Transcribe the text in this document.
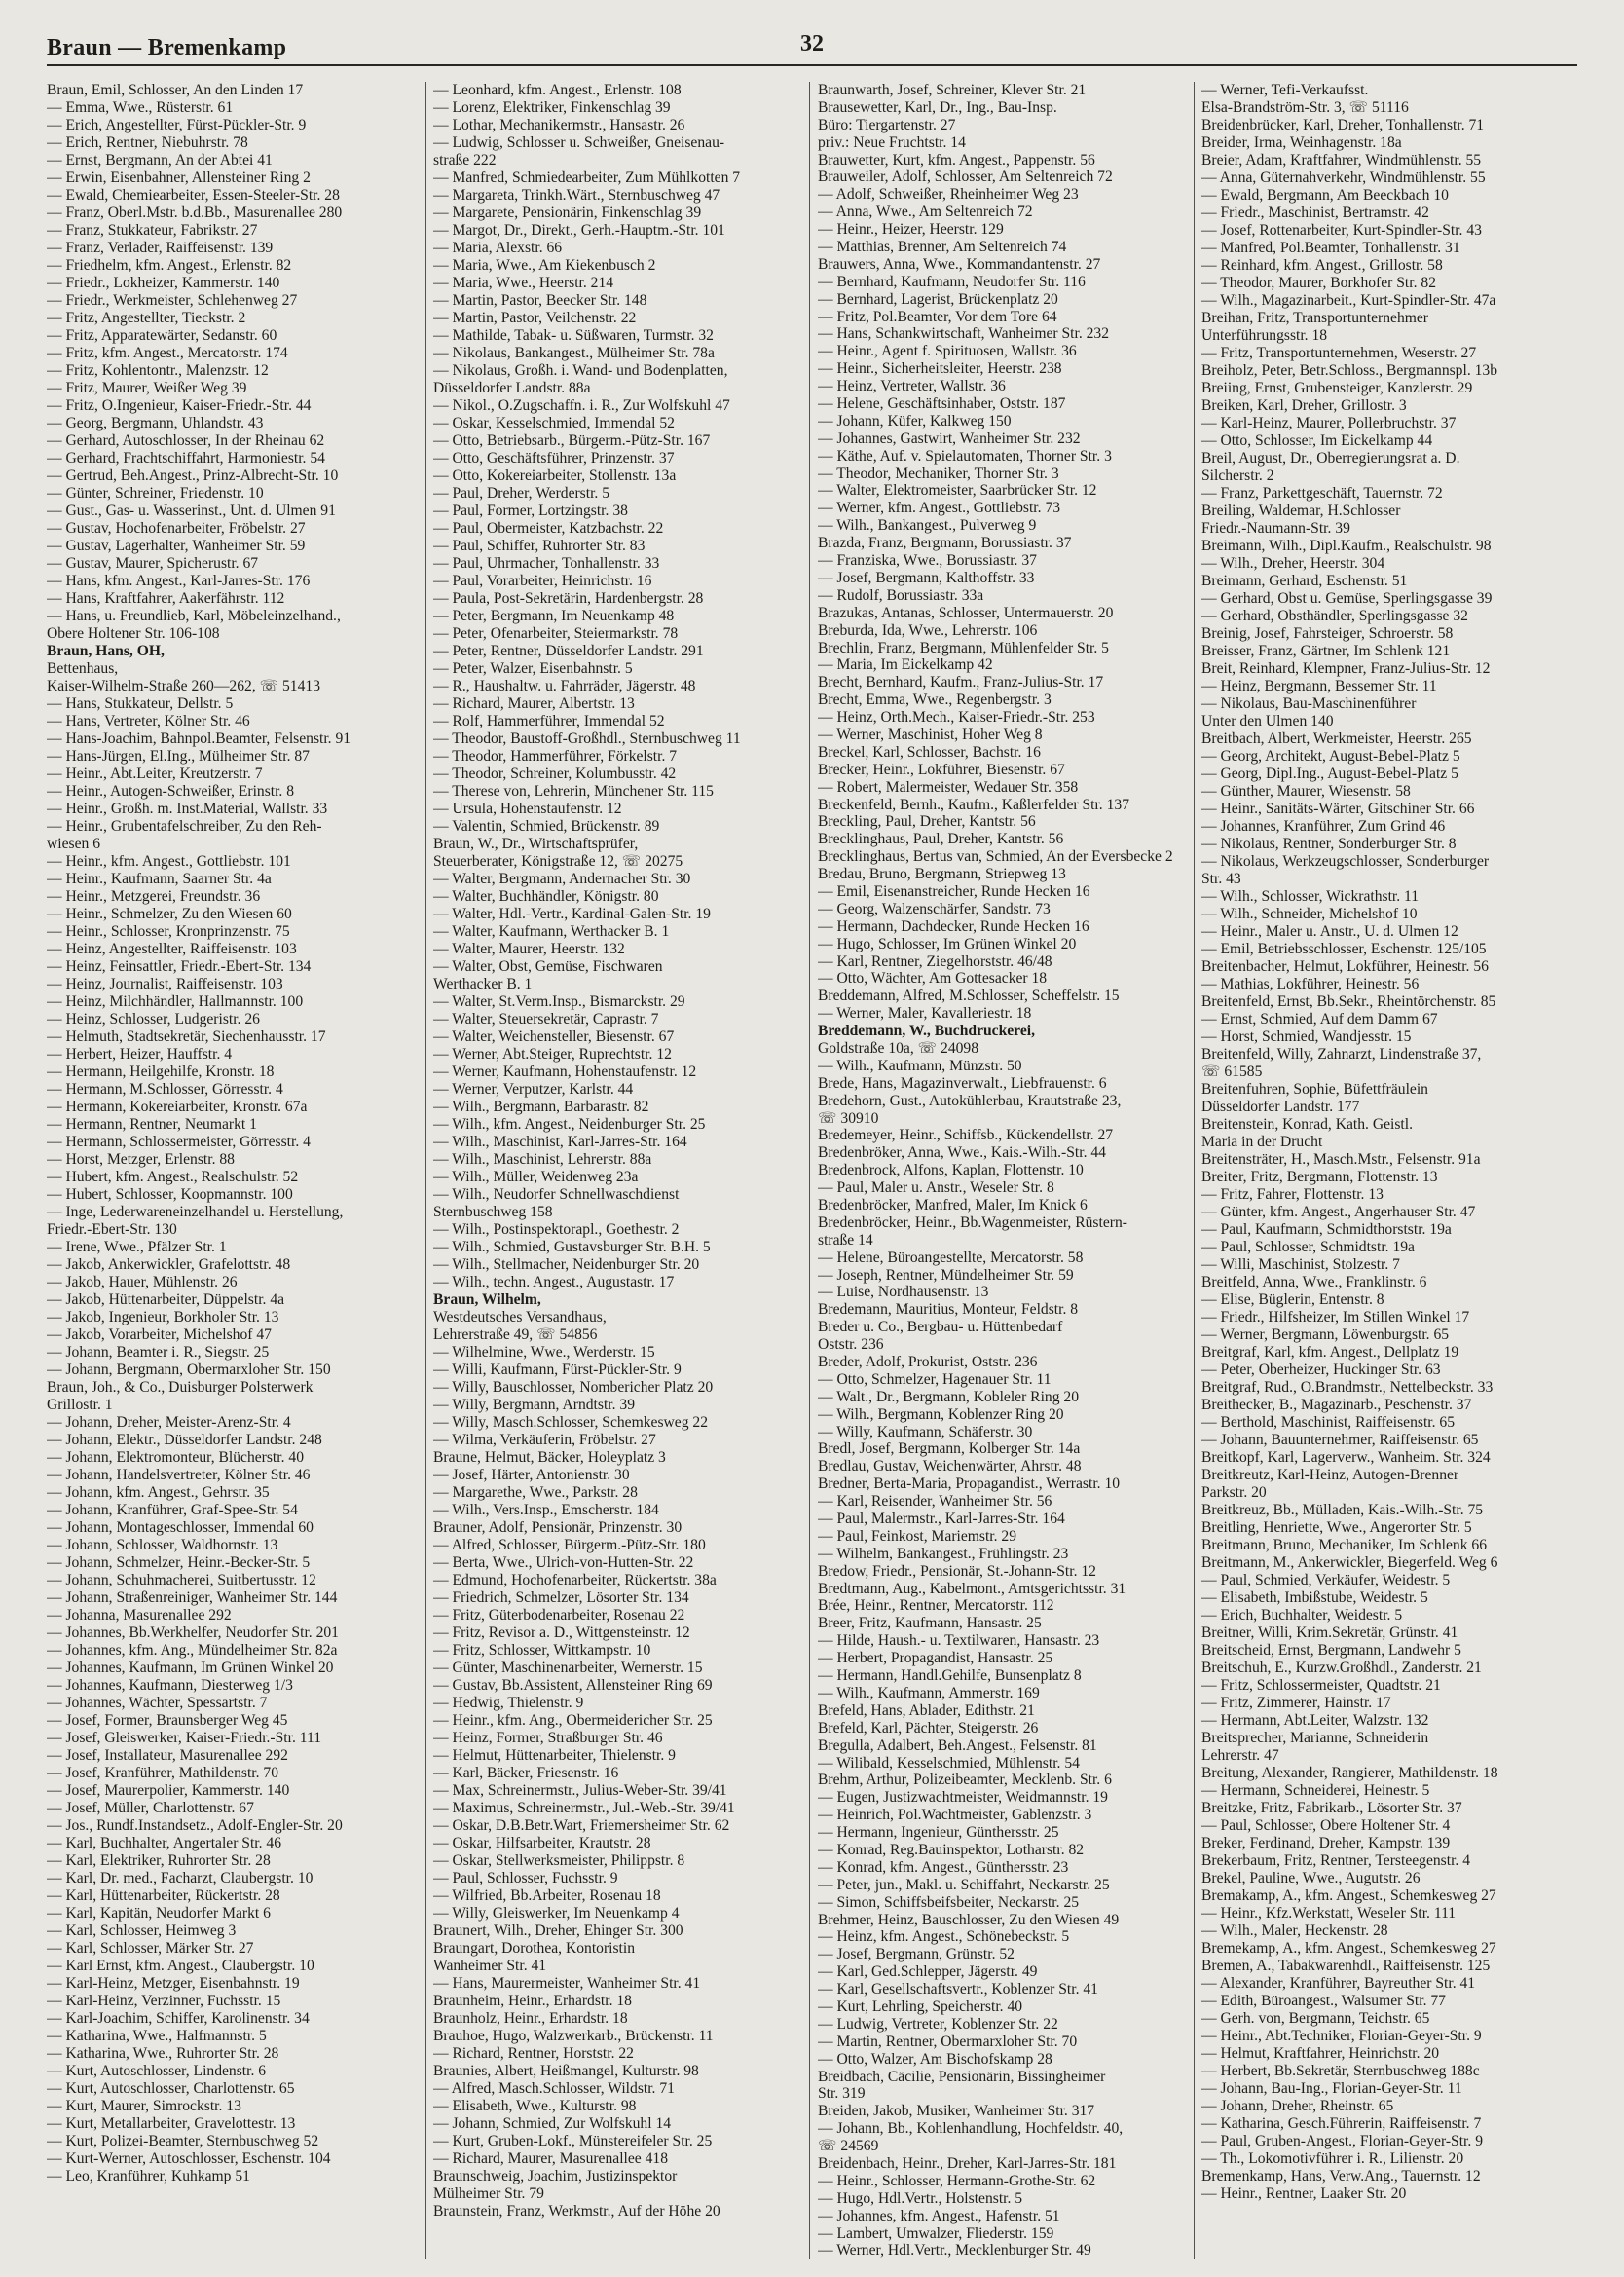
Braun — Bremenkamp	32
Braun, Emil, Schlosser, An den Linden 17
— Emma, Wwe., Rüsterstr. 61
— Erich, Angestellter, Fürst-Pückler-Str. 9
— Erich, Rentner, Niebuhrstr. 78
— Ernst, Bergmann, An der Abtei 41
— Erwin, Eisenbahner, Allensteiner Ring 2
— Ewald, Chemiearbeiter, Essen-Steeler-Str. 28
— Franz, Oberl.Mstr. b.d.Bb., Masurenallee 280
— Franz, Stukkateur, Fabrikstr. 27
— Franz, Verlader, Raiffeisenstr. 139
— Friedhelm, kfm. Angest., Erlenstr. 82
— Friedr., Lokheizer, Kammerstr. 140
— Friedr., Werkmeister, Schlehenweg 27
— Fritz, Angestellter, Tieckstr. 2
— Fritz, Apparatewärter, Sedanstr. 60
— Fritz, kfm. Angest., Mercatorstr. 174
— Fritz, Kohlentontr., Malenzstr. 12
— Fritz, Maurer, Weißer Weg 39
— Fritz, O.Ingenieur, Kaiser-Friedr.-Str. 44
— Georg, Bergmann, Uhlandstr. 43
— Gerhard, Autoschlosser, In der Rheinau 62
— Gerhard, Frachtschiffahrt, Harmoniestr. 54
— Gertrud, Beh.Angest., Prinz-Albrecht-Str. 10
— Günter, Schreiner, Friedenstr. 10
— Gust., Gas- u. Wasserinst., Unt. d. Ulmen 91
— Gustav, Hochofenarbeiter, Fröbelstr. 27
— Gustav, Lagerhalter, Wanheimer Str. 59
— Gustav, Maurer, Spicherustr. 67
— Hans, kfm. Angest., Karl-Jarres-Str. 176
— Hans, Kraftfahrer, Aakerfährstr. 112
— Hans, u. Freundlieb, Karl, Möbeleinzelhand.,
Obere Holtener Str. 106-108
Braun, Hans, OH,
Bettenhaus,
Kaiser-Wilhelm-Straße 260—262, ☏ 51413
— Hans, Stukkateur, Dellstr. 5
— Hans, Vertreter, Kölner Str. 46
— Hans-Joachim, Bahnpol.Beamter, Felsenstr. 91
— Hans-Jürgen, El.Ing., Mülheimer Str. 87
— Heinr., Abt.Leiter, Kreutzerstr. 7
— Heinr., Autogen-Schweißer, Erinstr. 8
— Heinr., Großh. m. Inst.Material, Wallstr. 33
— Heinr., Grubentafelschreiber, Zu den Reh-
wiesen 6
— Heinr., kfm. Angest., Gottliebstr. 101
— Heinr., Kaufmann, Saarner Str. 4a
— Heinr., Metzgerei, Freundstr. 36
— Heinr., Schmelzer, Zu den Wiesen 60
— Heinr., Schlosser, Kronprinzenstr. 75
— Heinz, Angestellter, Raiffeisenstr. 103
— Heinz, Feinsattler, Friedr.-Ebert-Str. 134
— Heinz, Journalist, Raiffeisenstr. 103
— Heinz, Milchhändler, Hallmannstr. 100
— Heinz, Schlosser, Ludgeristr. 26
— Helmuth, Stadtsekretär, Siechenhausstr. 17
— Herbert, Heizer, Hauffstr. 4
— Hermann, Heilgehilfe, Kronstr. 18
— Hermann, M.Schlosser, Görresstr. 4
— Hermann, Kokereiarbeiter, Kronstr. 67a
— Hermann, Rentner, Neumarkt 1
— Hermann, Schlossermeister, Görresstr. 4
— Horst, Metzger, Erlenstr. 88
— Hubert, kfm. Angest., Realschulstr. 52
— Hubert, Schlosser, Koopmannstr. 100
— Inge, Lederwareneinzelhandel u. Herstellung,
Friedr.-Ebert-Str. 130
— Irene, Wwe., Pfälzer Str. 1
— Jakob, Ankerwickler, Grafelottstr. 48
— Jakob, Hauer, Mühlenstr. 26
— Jakob, Hüttenarbeiter, Düppelstr. 4a
— Jakob, Ingenieur, Borkholer Str. 13
— Jakob, Vorarbeiter, Michelshof 47
— Johann, Beamter i. R., Siegstr. 25
— Johann, Bergmann, Obermarxloher Str. 150
Braun, Joh., & Co., Duisburger Polsterwerk
Grillostr. 1
— Johann, Dreher, Meister-Arenz-Str. 4
— Johann, Elektr., Düsseldorfer Landstr. 248
— Johann, Elektromonteur, Blücherstr. 40
— Johann, Handelsvertreter, Kölner Str. 46
— Johann, kfm. Angest., Gehrstr. 35
— Johann, Kranführer, Graf-Spee-Str. 54
— Johann, Montageschlosser, Immendal 60
— Johann, Schlosser, Waldhornstr. 13
— Johann, Schmelzer, Heinr.-Becker-Str. 5
— Johann, Schuhmacherei, Suitbertusstr. 12
— Johann, Straßenreiniger, Wanheimer Str. 144
— Johanna, Masurenallee 292
— Johannes, Bb.Werkhelfer, Neudorfer Str. 201
— Johannes, kfm. Ang., Mündelheimer Str. 82a
— Johannes, Kaufmann, Im Grünen Winkel 20
— Johannes, Kaufmann, Diesterweg 1/3
— Johannes, Wächter, Spessartstr. 7
— Josef, Former, Braunsberger Weg 45
— Josef, Gleiswerker, Kaiser-Friedr.-Str. 111
— Josef, Installateur, Masurenallee 292
— Josef, Kranführer, Mathildenstr. 70
— Josef, Maurerpolier, Kammerstr. 140
— Josef, Müller, Charlottenstr. 67
— Jos., Rundf.Instandsetz., Adolf-Engler-Str. 20
— Karl, Buchhalter, Angertaler Str. 46
— Karl, Elektriker, Ruhrorter Str. 28
— Karl, Dr. med., Facharzt, Claubergstr. 10
— Karl, Hüttenarbeiter, Rückertstr. 28
— Karl, Kapitän, Neudorfer Markt 6
— Karl, Schlosser, Heimweg 3
— Karl, Schlosser, Märker Str. 27
— Karl Ernst, kfm. Angest., Claubergstr. 10
— Karl-Heinz, Metzger, Eisenbahnstr. 19
— Karl-Heinz, Verzinner, Fuchsstr. 15
— Karl-Joachim, Schiffer, Karolinenstr. 34
— Katharina, Wwe., Halfmannstr. 5
— Katharina, Wwe., Ruhrorter Str. 28
— Kurt, Autoschlosser, Lindenstr. 6
— Kurt, Autoschlosser, Charlottenstr. 65
— Kurt, Maurer, Simrockstr. 13
— Kurt, Metallarbeiter, Gravelottestr. 13
— Kurt, Polizei-Beamter, Sternbuschweg 52
— Kurt-Werner, Autoschlosser, Eschenstr. 104
— Leo, Kranführer, Kuhkamp 51
— Leonhard, kfm. Angest., Erlenstr. 108
— Lorenz, Elektriker, Finkenschlag 39
— Lothar, Mechanikermstr., Hansastr. 26
— Ludwig, Schlosser u. Schweißer, Gneisenau-
straße 222
— Manfred, Schmiedearbeiter, Zum Mühlkotten 7
— Margareta, Trinkh.Wärt., Sternbuschweg 47
— Margarete, Pensionärin, Finkenschlag 39
— Margot, Dr., Direkt., Gerh.-Hauptm.-Str. 101
— Maria, Alexstr. 66
— Maria, Wwe., Am Kiekenbusch 2
— Maria, Wwe., Heerstr. 214
— Martin, Pastor, Beecker Str. 148
— Martin, Pastor, Veilchenstr. 22
— Mathilde, Tabak- u. Süßwaren, Turmstr. 32
— Nikolaus, Bankangest., Mülheimer Str. 78a
— Nikolaus, Großh. i. Wand- und Bodenplatten,
Düsseldorfer Landstr. 88a
— Nikol., O.Zugschaffn. i. R., Zur Wolfskuhl 47
— Oskar, Kesselschmied, Immendal 52
— Otto, Betriebsarb., Bürgerm.-Pütz-Str. 167
— Otto, Geschäftsführer, Prinzenstr. 37
— Otto, Kokereiarbeiter, Stollenstr. 13a
— Paul, Dreher, Werderstr. 5
— Paul, Former, Lortzingstr. 38
— Paul, Obermeister, Katzbachstr. 22
— Paul, Schiffer, Ruhrorter Str. 83
— Paul, Uhrmacher, Tonhallenstr. 33
— Paul, Vorarbeiter, Heinrichstr. 16
— Paula, Post-Sekretärin, Hardenbergstr. 28
— Peter, Bergmann, Im Neuenkamp 48
— Peter, Ofenarbeiter, Steiermarkstr. 78
— Peter, Rentner, Düsseldorfer Landstr. 291
— Peter, Walzer, Eisenbahnstr. 5
— R., Haushaltw. u. Fahrräder, Jägerstr. 48
— Richard, Maurer, Albertstr. 13
— Rolf, Hammerführer, Immendal 52
— Theodor, Baustoff-Großhdl., Sternbuschweg 11
— Theodor, Hammerführer, Förkelstr. 7
— Theodor, Schreiner, Kolumbusstr. 42
— Therese von, Lehrerin, Münchener Str. 115
— Ursula, Hohenstaufenstr. 12
— Valentin, Schmied, Brückenstr. 89
Braun, W., Dr., Wirtschaftsprüfer,
Steuerberater, Königstraße 12, ☏ 20275
— Walter, Bergmann, Andernacher Str. 30
— Walter, Buchhändler, Königstr. 80
— Walter, Hdl.-Vertr., Kardinal-Galen-Str. 19
— Walter, Kaufmann, Werthacker B. 1
— Walter, Maurer, Heerstr. 132
— Walter, Obst, Gemüse, Fischwaren
Werthacker B. 1
— Walter, St.Verm.Insp., Bismarckstr. 29
— Walter, Steuersekretär, Caprastr. 7
— Walter, Weichensteller, Biesenstr. 67
— Werner, Abt.Steiger, Ruprechtstr. 12
— Werner, Kaufmann, Hohenstaufenstr. 12
— Werner, Verputzer, Karlstr. 44
— Wilh., Bergmann, Barbarastr. 82
— Wilh., kfm. Angest., Neidenburger Str. 25
— Wilh., Maschinist, Karl-Jarres-Str. 164
— Wilh., Maschinist, Lehrerstr. 88a
— Wilh., Müller, Weidenweg 23a
— Wilh., Neudorfer Schnellwaschdienst
Sternbuschweg 158
— Wilh., Postinspektorapl., Goethestr. 2
— Wilh., Schmied, Gustavsburger Str. B.H. 5
— Wilh., Stellmacher, Neidenburger Str. 20
— Wilh., techn. Angest., Augustastr. 17
Braun, Wilhelm,
Westdeutsches Versandhaus,
Lehrerstraße 49, ☏ 54856
— Wilhelmine, Wwe., Werderstr. 15
— Willi, Kaufmann, Fürst-Pückler-Str. 9
— Willy, Bauschlosser, Nombericher Platz 20
— Willy, Bergmann, Arndtstr. 39
— Willy, Masch.Schlosser, Schemkesweg 22
— Wilma, Verkäuferin, Fröbelstr. 27
Braune, Helmut, Bäcker, Holeyplatz 3
— Josef, Härter, Antonienstr. 30
— Margarethe, Wwe., Parkstr. 28
— Wilh., Vers.Insp., Emscherstr. 184
Brauner, Adolf, Pensionär, Prinzenstr. 30
— Alfred, Schlosser, Bürgerm.-Pütz-Str. 180
— Berta, Wwe., Ulrich-von-Hutten-Str. 22
— Edmund, Hochofenarbeiter, Rückertstr. 38a
— Friedrich, Schmelzer, Lösorter Str. 134
— Fritz, Güterbodenarbeiter, Rosenau 22
— Fritz, Revisor a. D., Wittgensteinstr. 12
— Fritz, Schlosser, Wittkampstr. 10
— Günter, Maschinenarbeiter, Wernerstr. 15
— Gustav, Bb.Assistent, Allensteiner Ring 69
— Hedwig, Thielenstr. 9
— Heinr., kfm. Ang., Obermeidericher Str. 25
— Heinz, Former, Straßburger Str. 46
— Helmut, Hüttenarbeiter, Thielenstr. 9
— Karl, Bäcker, Friesenstr. 16
— Max, Schreinermstr., Julius-Weber-Str. 39/41
— Maximus, Schreinermstr., Jul.-Web.-Str. 39/41
— Oskar, D.B.Betr.Wart, Friemersheimer Str. 62
— Oskar, Hilfsarbeiter, Krautstr. 28
— Oskar, Stellwerksmeister, Philippstr. 8
— Paul, Schlosser, Fuchsstr. 9
— Wilfried, Bb.Arbeiter, Rosenau 18
— Willy, Gleiswerker, Im Neuenkamp 4
Braunert, Wilh., Dreher, Ehinger Str. 300
Braungart, Dorothea, Kontoristin
Wanheimer Str. 41
— Hans, Maurermeister, Wanheimer Str. 41
Braunheim, Heinr., Erhardstr. 18
Braunholz, Heinr., Erhardstr. 18
Brauhoe, Hugo, Walzwerkarb., Brückenstr. 11
— Richard, Rentner, Horststr. 22
Braunies, Albert, Heißmangel, Kulturstr. 98
— Alfred, Masch.Schlosser, Wildstr. 71
— Elisabeth, Wwe., Kulturstr. 98
— Johann, Schmied, Zur Wolfskuhl 14
— Kurt, Gruben-Lokf., Münstereifeler Str. 25
— Richard, Maurer, Masurenallee 418
Braunschweig, Joachim, Justizinspektor
Mülheimer Str. 79
Braunstein, Franz, Werkmstr., Auf der Höhe 20
Braunwarth, Josef, Schreiner, Klever Str. 21
Brausewetter, Karl, Dr., Ing., Bau-Insp.
Büro: Tiergartenstr. 27
priv.: Neue Fruchtstr. 14
Brauwetter, Kurt, kfm. Angest., Pappenstr. 56
Brauweiler, Adolf, Schlosser, Am Seltenreich 72
— Adolf, Schweißer, Rheinheimer Weg 23
— Anna, Wwe., Am Seltenreich 72
— Heinr., Heizer, Heerstr. 129
— Matthias, Brenner, Am Seltenreich 74
Brauwers, Anna, Wwe., Kommandantenstr. 27
— Bernhard, Kaufmann, Neudorfer Str. 116
— Bernhard, Lagerist, Brückenplatz 20
— Fritz, Pol.Beamter, Vor dem Tore 64
— Hans, Schankwirtschaft, Wanheimer Str. 232
— Heinr., Agent f. Spirituosen, Wallstr. 36
— Heinr., Sicherheitsleiter, Heerstr. 238
— Heinz, Vertreter, Wallstr. 36
— Helene, Geschäftsinhaber, Oststr. 187
— Johann, Küfer, Kalkweg 150
— Johannes, Gastwirt, Wanheimer Str. 232
— Käthe, Auf. v. Spielautomaten, Thorner Str. 3
— Theodor, Mechaniker, Thorner Str. 3
— Walter, Elektromeister, Saarbrücker Str. 12
— Werner, kfm. Angest., Gottliebstr. 73
— Wilh., Bankangest., Pulverweg 9
Brazda, Franz, Bergmann, Borussiastr. 37
— Franziska, Wwe., Borussiastr. 37
— Josef, Bergmann, Kalthoffstr. 33
— Rudolf, Borussiastr. 33a
Brazukas, Antanas, Schlosser, Untermauerstr. 20
Breburda, Ida, Wwe., Lehrerstr. 106
Brechlin, Franz, Bergmann, Mühlenfelder Str. 5
— Maria, Im Eickelkamp 42
Brecht, Bernhard, Kaufm., Franz-Julius-Str. 17
Brecht, Emma, Wwe., Regenbergstr. 3
— Heinz, Orth.Mech., Kaiser-Friedr.-Str. 253
— Werner, Maschinist, Hoher Weg 8
Breckel, Karl, Schlosser, Bachstr. 16
Brecker, Heinr., Lokführer, Biesenstr. 67
— Robert, Malermeister, Wedauer Str. 358
Breckenfeld, Bernh., Kaufm., Kaßlerfelder Str. 137
Breckling, Paul, Dreher, Kantstr. 56
Brecklinghaus, Paul, Dreher, Kantstr. 56
Brecklinghaus, Bertus van, Schmied, An der Eversbecke 2
Bredau, Bruno, Bergmann, Striepweg 13
— Emil, Eisenanstreicher, Runde Hecken 16
— Georg, Walzenschärfer, Sandstr. 73
— Hermann, Dachdecker, Runde Hecken 16
— Hugo, Schlosser, Im Grünen Winkel 20
— Karl, Rentner, Ziegelhorststr. 46/48
— Otto, Wächter, Am Gottesacker 18
Breddemann, Alfred, M.Schlosser, Scheffelstr. 15
— Werner, Maler, Kavalleriestr. 18
Breddemann, W., Buchdruckerei,
Goldstraße 10a, ☏ 24098
— Wilh., Kaufmann, Münzstr. 50
Brede, Hans, Magazinverwalt., Liebfrauenstr. 6
Bredehorn, Gust., Autokühlerbau, Krautstraße 23,
☏ 30910
Bredemeyer, Heinr., Schiffsb., Kückendellstr. 27
Bredenbröker, Anna, Wwe., Kais.-Wilh.-Str. 44
Bredenbrock, Alfons, Kaplan, Flottenstr. 10
— Paul, Maler u. Anstr., Weseler Str. 8
Bredenbröcker, Manfred, Maler, Im Knick 6
Bredenbröcker, Heinr., Bb.Wagenmeister, Rüstern-
straße 14
— Helene, Büroangestellte, Mercatorstr. 58
— Joseph, Rentner, Mündelheimer Str. 59
— Luise, Nordhausenstr. 13
Bredemann, Mauritius, Monteur, Feldstr. 8
Breder u. Co., Bergbau- u. Hüttenbedarf
Oststr. 236
Breder, Adolf, Prokurist, Oststr. 236
— Otto, Schmelzer, Hagenauer Str. 11
— Walt., Dr., Bergmann, Kobleler Ring 20
— Wilh., Bergmann, Koblenzer Ring 20
— Willy, Kaufmann, Schäferstr. 30
Bredl, Josef, Bergmann, Kolberger Str. 14a
Bredlau, Gustav, Weichenwärter, Ahrstr. 48
Bredner, Berta-Maria, Propagandist., Werrastr. 10
— Karl, Reisender, Wanheimer Str. 56
— Paul, Malermstr., Karl-Jarres-Str. 164
— Paul, Feinkost, Mariemstr. 29
— Wilhelm, Bankangest., Frühlingstr. 23
Bredow, Friedr., Pensionär, St.-Johann-Str. 12
Bredtmann, Aug., Kabelmont., Amtsgerichtsstr. 31
Brée, Heinr., Rentner, Mercatorstr. 112
Breer, Fritz, Kaufmann, Hansastr. 25
— Hilde, Haush.- u. Textilwaren, Hansastr. 23
— Herbert, Propagandist, Hansastr. 25
— Hermann, Handl.Gehilfe, Bunsenplatz 8
— Wilh., Kaufmann, Ammerstr. 169
Brefeld, Hans, Ablader, Edithstr. 21
Brefeld, Karl, Pächter, Steigerstr. 26
Bregulla, Adalbert, Beh.Angest., Felsenstr. 81
— Wilibald, Kesselschmied, Mühlenstr. 54
Brehm, Arthur, Polizeibeamter, Mecklenb. Str. 6
— Eugen, Justizwachtmeister, Weidmannstr. 19
— Heinrich, Pol.Wachtmeister, Gablenzstr. 3
— Hermann, Ingenieur, Günthersstr. 25
— Konrad, Reg.Bauinspektor, Lotharstr. 82
— Konrad, kfm. Angest., Günthersstr. 23
— Peter, jun., Makl. u. Schiffahrt, Neckarstr. 25
— Simon, Schiffsbeifsbeiter, Neckarstr. 25
Brehmer, Heinz, Bauschlosser, Zu den Wiesen 49
— Heinz, kfm. Angest., Schönebeckstr. 5
— Josef, Bergmann, Grünstr. 52
— Karl, Ged.Schlepper, Jägerstr. 49
— Karl, Gesellschaftsvertr., Koblenzer Str. 41
— Kurt, Lehrling, Speicherstr. 40
— Ludwig, Vertreter, Koblenzer Str. 22
— Martin, Rentner, Obermarxloher Str. 70
— Otto, Walzer, Am Bischofskamp 28
Breidbach, Cäcilie, Pensionärin, Bissingheimer
Str. 319
Breiden, Jakob, Musiker, Wanheimer Str. 317
— Johann, Bb., Kohlenhandlung, Hochfeldstr. 40,
☏ 24569
Breidenbach, Heinr., Dreher, Karl-Jarres-Str. 181
— Heinr., Schlosser, Hermann-Grothe-Str. 62
— Hugo, Hdl.Vertr., Holstenstr. 5
— Johannes, kfm. Angest., Hafenstr. 51
— Lambert, Umwalzer, Fliederstr. 159
— Werner, Hdl.Vertr., Mecklenburger Str. 49
— Werner, Tefi-Verkaufsst.
Elsa-Brandström-Str. 3, ☏ 51116
Breidenbrücker, Karl, Dreher, Tonhallenstr. 71
Breider, Irma, Weinhagenstr. 18a
Breier, Adam, Kraftfahrer, Windmühlenstr. 55
— Anna, Güternahverkehr, Windmühlenstr. 55
— Ewald, Bergmann, Am Beeckbach 10
— Friedr., Maschinist, Bertramstr. 42
— Josef, Rottenarbeiter, Kurt-Spindler-Str. 43
— Manfred, Pol.Beamter, Tonhallenstr. 31
— Reinhard, kfm. Angest., Grillostr. 58
— Theodor, Maurer, Borkhofer Str. 82
— Wilh., Magazinarbeit., Kurt-Spindler-Str. 47a
Breihan, Fritz, Transportunternehmer
Unterführungsstr. 18
— Fritz, Transportunternehmen, Weserstr. 27
Breiholz, Peter, Betr.Schloss., Bergmannspl. 13b
Breiing, Ernst, Grubensteiger, Kanzlerstr. 29
Breiken, Karl, Dreher, Grillostr. 3
— Karl-Heinz, Maurer, Pollerbruchstr. 37
— Otto, Schlosser, Im Eickelkamp 44
Breil, August, Dr., Oberregierungsrat a. D.
Silcherstr. 2
— Franz, Parkettgeschäft, Tauernstr. 72
Breiling, Waldemar, H.Schlosser
Friedr.-Naumann-Str. 39
Breimann, Wilh., Dipl.Kaufm., Realschulstr. 98
— Wilh., Dreher, Heerstr. 304
Breimann, Gerhard, Eschenstr. 51
— Gerhard, Obst u. Gemüse, Sperlingsgasse 39
— Gerhard, Obsthändler, Sperlingsgasse 32
Breinig, Josef, Fahrsteiger, Schroerstr. 58
Breisser, Franz, Gärtner, Im Schlenk 121
Breit, Reinhard, Klempner, Franz-Julius-Str. 12
— Heinz, Bergmann, Bessemer Str. 11
— Nikolaus, Bau-Maschinenführer
Unter den Ulmen 140
Breitbach, Albert, Werkmeister, Heerstr. 265
— Georg, Architekt, August-Bebel-Platz 5
— Georg, Dipl.Ing., August-Bebel-Platz 5
— Günther, Maurer, Wiesenstr. 58
— Heinr., Sanitäts-Wärter, Gitschiner Str. 66
— Johannes, Kranführer, Zum Grind 46
— Nikolaus, Rentner, Sonderburger Str. 8
— Nikolaus, Werkzeugschlosser, Sonderburger
Str. 43
— Wilh., Schlosser, Wickrathstr. 11
— Wilh., Schneider, Michelshof 10
— Heinr., Maler u. Anstr., U. d. Ulmen 12
— Emil, Betriebsschlosser, Eschenstr. 125/105
Breitenbacher, Helmut, Lokführer, Heinestr. 56
— Mathias, Lokführer, Heinestr. 56
Breitenfeld, Ernst, Bb.Sekr., Rheintörchenstr. 85
— Ernst, Schmied, Auf dem Damm 67
— Horst, Schmied, Wandjesstr. 15
Breitenfeld, Willy, Zahnarzt, Lindenstraße 37,
☏ 61585
Breitenfuhren, Sophie, Büfettfräulein
Düsseldorfer Landstr. 177
Breitenstein, Konrad, Kath. Geistl.
Maria in der Drucht
Breitensträter, H., Masch.Mstr., Felsenstr. 91a
Breiter, Fritz, Bergmann, Flottenstr. 13
— Fritz, Fahrer, Flottenstr. 13
— Günter, kfm. Angest., Angerhauser Str. 47
— Paul, Kaufmann, Schmidthorststr. 19a
— Paul, Schlosser, Schmidtstr. 19a
— Willi, Maschinist, Stolzestr. 7
Breitfeld, Anna, Wwe., Franklinstr. 6
— Elise, Büglerin, Entenstr. 8
— Friedr., Hilfsheizer, Im Stillen Winkel 17
— Werner, Bergmann, Löwenburgstr. 65
Breitgraf, Karl, kfm. Angest., Dellplatz 19
— Peter, Oberheizer, Huckinger Str. 63
Breitgraf, Rud., O.Brandmstr., Nettelbeckstr. 33
Breithecker, B., Magazinarb., Peschenstr. 37
— Berthold, Maschinist, Raiffeisenstr. 65
— Johann, Bauunternehmer, Raiffeisenstr. 65
Breitkopf, Karl, Lagerverw., Wanheim. Str. 324
Breitkreutz, Karl-Heinz, Autogen-Brenner
Parkstr. 20
Breitkreuz, Bb., Mülladen, Kais.-Wilh.-Str. 75
Breitling, Henriette, Wwe., Angerorter Str. 5
Breitmann, Bruno, Mechaniker, Im Schlenk 66
Breitmann, M., Ankerwickler, Biegerfeld. Weg 6
— Paul, Schmied, Verkäufer, Weidestr. 5
— Elisabeth, Imbißstube, Weidestr. 5
— Erich, Buchhalter, Weidestr. 5
Breitner, Willi, Krim.Sekretär, Grünstr. 41
Breitscheid, Ernst, Bergmann, Landwehr 5
Breitschuh, E., Kurzw.Großhdl., Zanderstr. 21
— Fritz, Schlossermeister, Quadtstr. 21
— Fritz, Zimmerer, Hainstr. 17
— Hermann, Abt.Leiter, Walzstr. 132
Breitsprecher, Marianne, Schneiderin
Lehrerstr. 47
Breitung, Alexander, Rangierer, Mathildenstr. 18
— Hermann, Schneiderei, Heinestr. 5
Breitzke, Fritz, Fabrikarb., Lösorter Str. 37
— Paul, Schlosser, Obere Holtener Str. 4
Breker, Ferdinand, Dreher, Kampstr. 139
Brekerbaum, Fritz, Rentner, Tersteegenstr. 4
Brekel, Pauline, Wwe., Augutstr. 26
Bremakamp, A., kfm. Angest., Schemkesweg 27
— Heinr., Kfz.Werkstatt, Weseler Str. 111
— Wilh., Maler, Heckenstr. 28
Bremekamp, A., kfm. Angest., Schemkesweg 27
Bremen, A., Tabakwarenhdl., Raiffeisenstr. 125
— Alexander, Kranführer, Bayreuther Str. 41
— Edith, Büroangest., Walsumer Str. 77
— Gerh. von, Bergmann, Teichstr. 65
— Heinr., Abt.Techniker, Florian-Geyer-Str. 9
— Helmut, Kraftfahrer, Heinrichstr. 20
— Herbert, Bb.Sekretär, Sternbuschweg 188c
— Johann, Bau-Ing., Florian-Geyer-Str. 11
— Johann, Dreher, Rheinstr. 65
— Katharina, Gesch.Führerin, Raiffeisenstr. 7
— Paul, Gruben-Angest., Florian-Geyer-Str. 9
— Th., Lokomotivführer i. R., Lilienstr. 20
Bremenkamp, Hans, Verw.Ang., Tauernstr. 12
— Heinr., Rentner, Laaker Str. 20
